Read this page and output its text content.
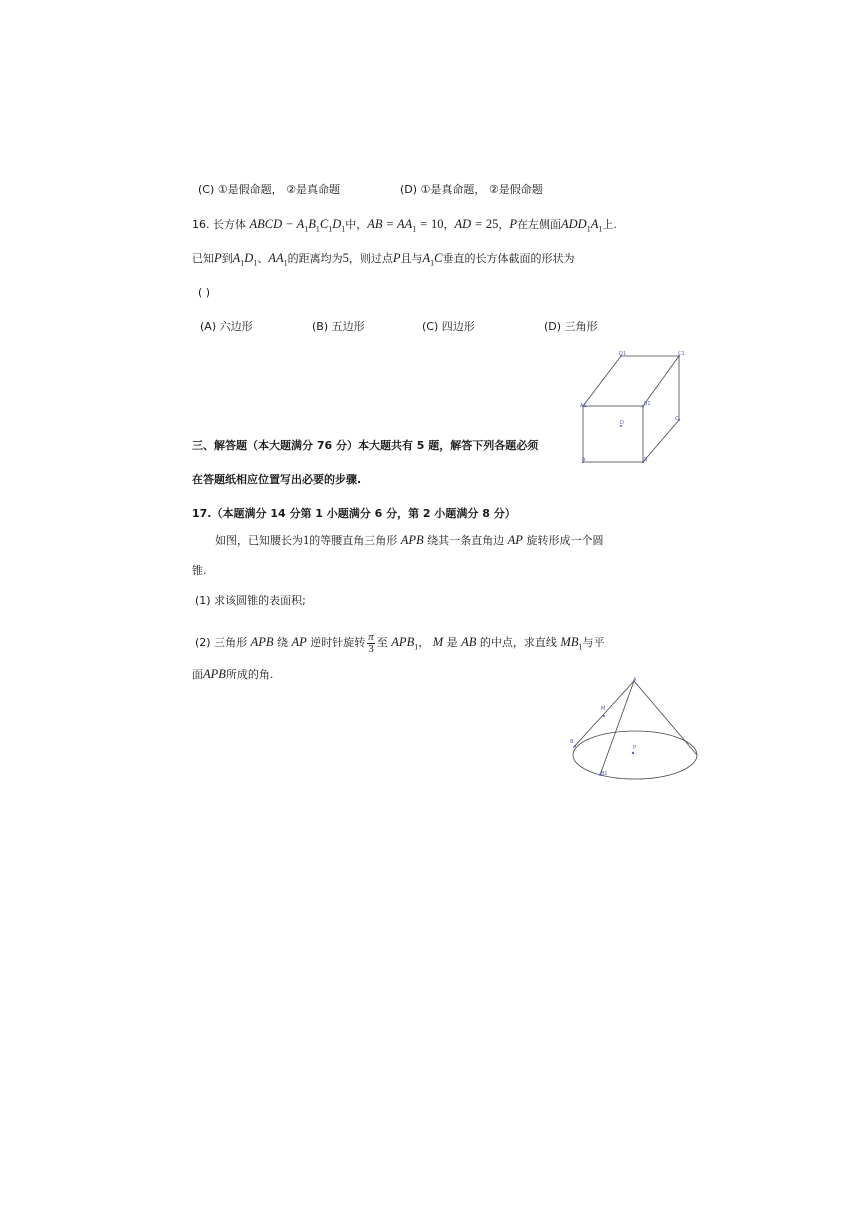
(C) ①是假命题， ②是真命题	(D) ①是真命题， ②是假命题
16. 长方体 ABCD − $A_1B_1C_1D_1$中，AB = $AA_1 = 10$，AD = 25，P在左侧面$ADD_1A_1$上.
已知P到$A_1D_1$、$AA_1$的距离均为5，则过点P且与$A_1C$垂直的长方体截面的形状为
( )
(A) 六边形	(B) 五边形	(C) 四边形	(D) 三角形
D1	C1
A1	B1
D
C
A	B
三、解答题（本大题满分 76 分）本大题共有 5 题，解答下列各题必须
在答题纸相应位置写出必要的步骤.
17.（本题满分 14 分第 1 小题满分 6 分，第 2 小题满分 8 分）
如图，已知腰长为1的等腰直角三角形 APB 绕其一条直角边 AP 旋转形成一个圆
锥.
(1) 求该圆锥的表面积;
(2) 三角形 APB 绕 AP 逆时针旋转 $\frac{\pi}{3}$ 至 $APB_1$， M 是 AB 的中点，求直线 $MB_1$与平
面APB所成的角.	A
M
B
P
B1
